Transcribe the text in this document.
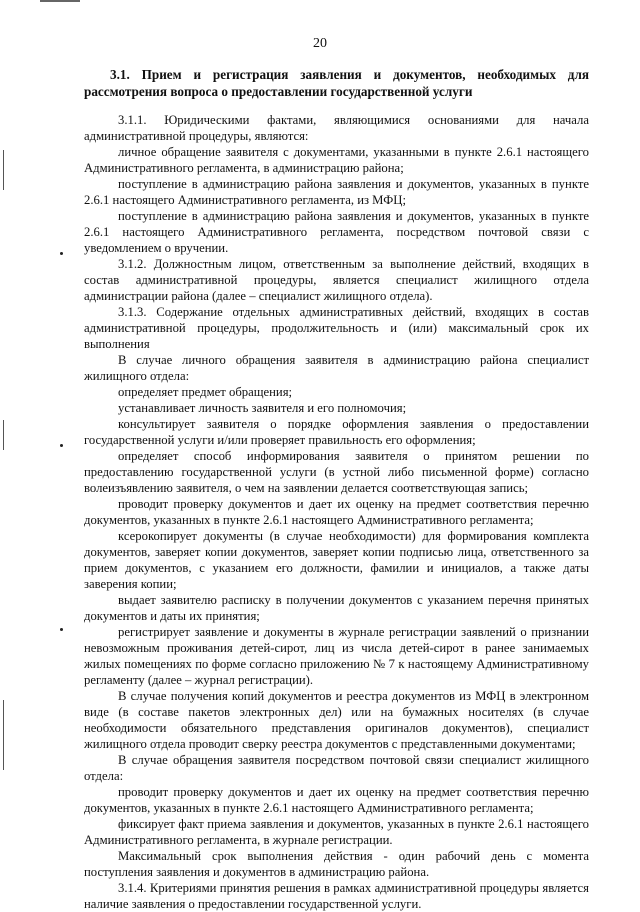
20
3.1. Прием и регистрация заявления и документов, необходимых для рассмотрения вопроса о предоставлении государственной услуги

3.1.1. Юридическими фактами, являющимися основаниями для начала административной процедуры, являются:

личное обращение заявителя с документами, указанными в пункте 2.6.1 настоящего Административного регламента, в администрацию района;

поступление в администрацию района заявления и документов, указанных в пункте 2.6.1 настоящего Административного регламента, из МФЦ;

поступление в администрацию района заявления и документов, указанных в пункте 2.6.1 настоящего Административного регламента, посредством почтовой связи с уведомлением о вручении.

3.1.2. Должностным лицом, ответственным за выполнение действий, входящих в состав административной процедуры, является специалист жилищного отдела администрации района (далее – специалист жилищного отдела).

3.1.3. Содержание отдельных административных действий, входящих в состав административной процедуры, продолжительность и (или) максимальный срок их выполнения

В случае личного обращения заявителя в администрацию района специалист жилищного отдела:

определяет предмет обращения;

устанавливает личность заявителя и его полномочия;

консультирует заявителя о порядке оформления заявления о предоставлении государственной услуги и/или проверяет правильность его оформления;

определяет способ информирования заявителя о принятом решении по предоставлению государственной услуги (в устной либо письменной форме) согласно волеизъявлению заявителя, о чем на заявлении делается соответствующая запись;

проводит проверку документов и дает их оценку на предмет соответствия перечню документов, указанных в пункте 2.6.1 настоящего Административного регламента;

ксерокопирует документы (в случае необходимости) для формирования комплекта документов, заверяет копии документов, заверяет копии подписью лица, ответственного за прием документов, с указанием его должности, фамилии и инициалов, а также даты заверения копии;

выдает заявителю расписку в получении документов с указанием перечня принятых документов и даты их принятия;

регистрирует заявление и документы в журнале регистрации заявлений о признании невозможным проживания детей-сирот, лиц из числа детей-сирот в ранее занимаемых жилых помещениях по форме согласно приложению № 7 к настоящему Административному регламенту (далее – журнал регистрации).

В случае получения копий документов и реестра документов из МФЦ в электронном виде (в составе пакетов электронных дел) или на бумажных носителях (в случае необходимости обязательного представления оригиналов документов), специалист жилищного отдела проводит сверку реестра документов с представленными документами;

В случае обращения заявителя посредством почтовой связи специалист жилищного отдела:

проводит проверку документов и дает их оценку на предмет соответствия перечню документов, указанных в пункте 2.6.1 настоящего Административного регламента;

фиксирует факт приема заявления и документов, указанных в пункте 2.6.1 настоящего Административного регламента, в журнале регистрации.

Максимальный срок выполнения действия - один рабочий день с момента поступления заявления и документов в администрацию района.

3.1.4. Критериями принятия решения в рамках административной процедуры является наличие заявления о предоставлении государственной услуги.
